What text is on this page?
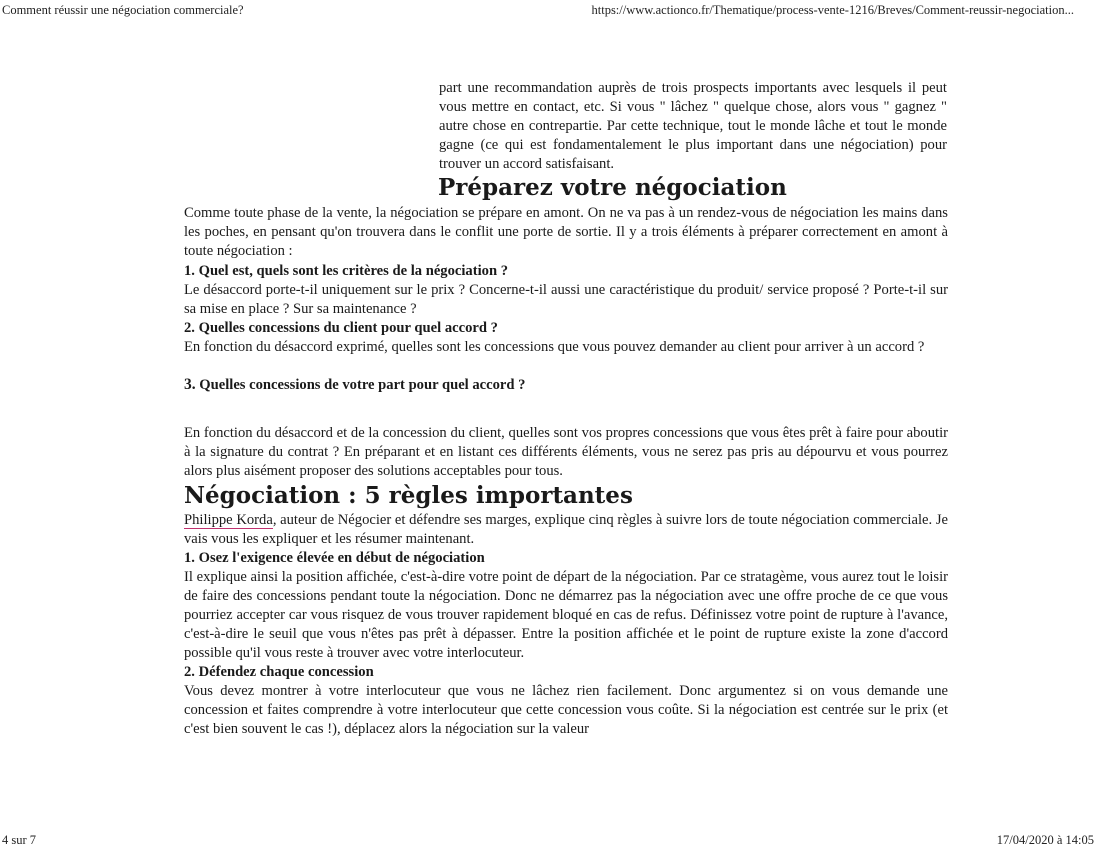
Comment réussir une négociation commerciale?	https://www.actionco.fr/Thematique/process-vente-1216/Breves/Comment-reussir-negociation...

part une recommandation auprès de trois prospects importants avec lesquels il peut vous mettre en contact, etc. Si vous " lâchez " quelque chose, alors vous " gagnez " autre chose en contrepartie. Par cette technique, tout le monde lâche et tout le monde gagne (ce qui est fondamentalement le plus important dans une négociation) pour trouver un accord satisfaisant.

Préparez votre négociation

Comme toute phase de la vente, la négociation se prépare en amont. On ne va pas à un rendez-vous de négociation les mains dans les poches, en pensant qu'on trouvera dans le conflit une porte de sortie. Il y a trois éléments à préparer correctement en amont à toute négociation :

1. Quel est, quels sont les critères de la négociation ?

Le désaccord porte-t-il uniquement sur le prix ? Concerne-t-il aussi une caractéristique du produit/ service proposé ? Porte-t-il sur sa mise en place ? Sur sa maintenance ?

2. Quelles concessions du client pour quel accord ?

En fonction du désaccord exprimé, quelles sont les concessions que vous pouvez demander au client pour arriver à un accord ?

3. Quelles concessions de votre part pour quel accord ?

En fonction du désaccord et de la concession du client, quelles sont vos propres concessions que vous êtes prêt à faire pour aboutir à la signature du contrat ? En préparant et en listant ces différents éléments, vous ne serez pas pris au dépourvu et vous pourrez alors plus aisément proposer des solutions acceptables pour tous.

Négociation : 5 règles importantes

Philippe Korda, auteur de Négocier et défendre ses marges, explique cinq règles à suivre lors de toute négociation commerciale. Je vais vous les expliquer et les résumer maintenant.

1. Osez l'exigence élevée en début de négociation

Il explique ainsi la position affichée, c'est-à-dire votre point de départ de la négociation. Par ce stratagème, vous aurez tout le loisir de faire des concessions pendant toute la négociation. Donc ne démarrez pas la négociation avec une offre proche de ce que vous pourriez accepter car vous risquez de vous trouver rapidement bloqué en cas de refus. Définissez votre point de rupture à l'avance, c'est-à-dire le seuil que vous n'êtes pas prêt à dépasser. Entre la position affichée et le point de rupture existe la zone d'accord possible qu'il vous reste à trouver avec votre interlocuteur.

2. Défendez chaque concession

Vous devez montrer à votre interlocuteur que vous ne lâchez rien facilement. Donc argumentez si on vous demande une concession et faites comprendre à votre interlocuteur que cette concession vous coûte. Si la négociation est centrée sur le prix (et c'est bien souvent le cas !), déplacez alors la négociation sur la valeur

4 sur 7	17/04/2020 à 14:05
